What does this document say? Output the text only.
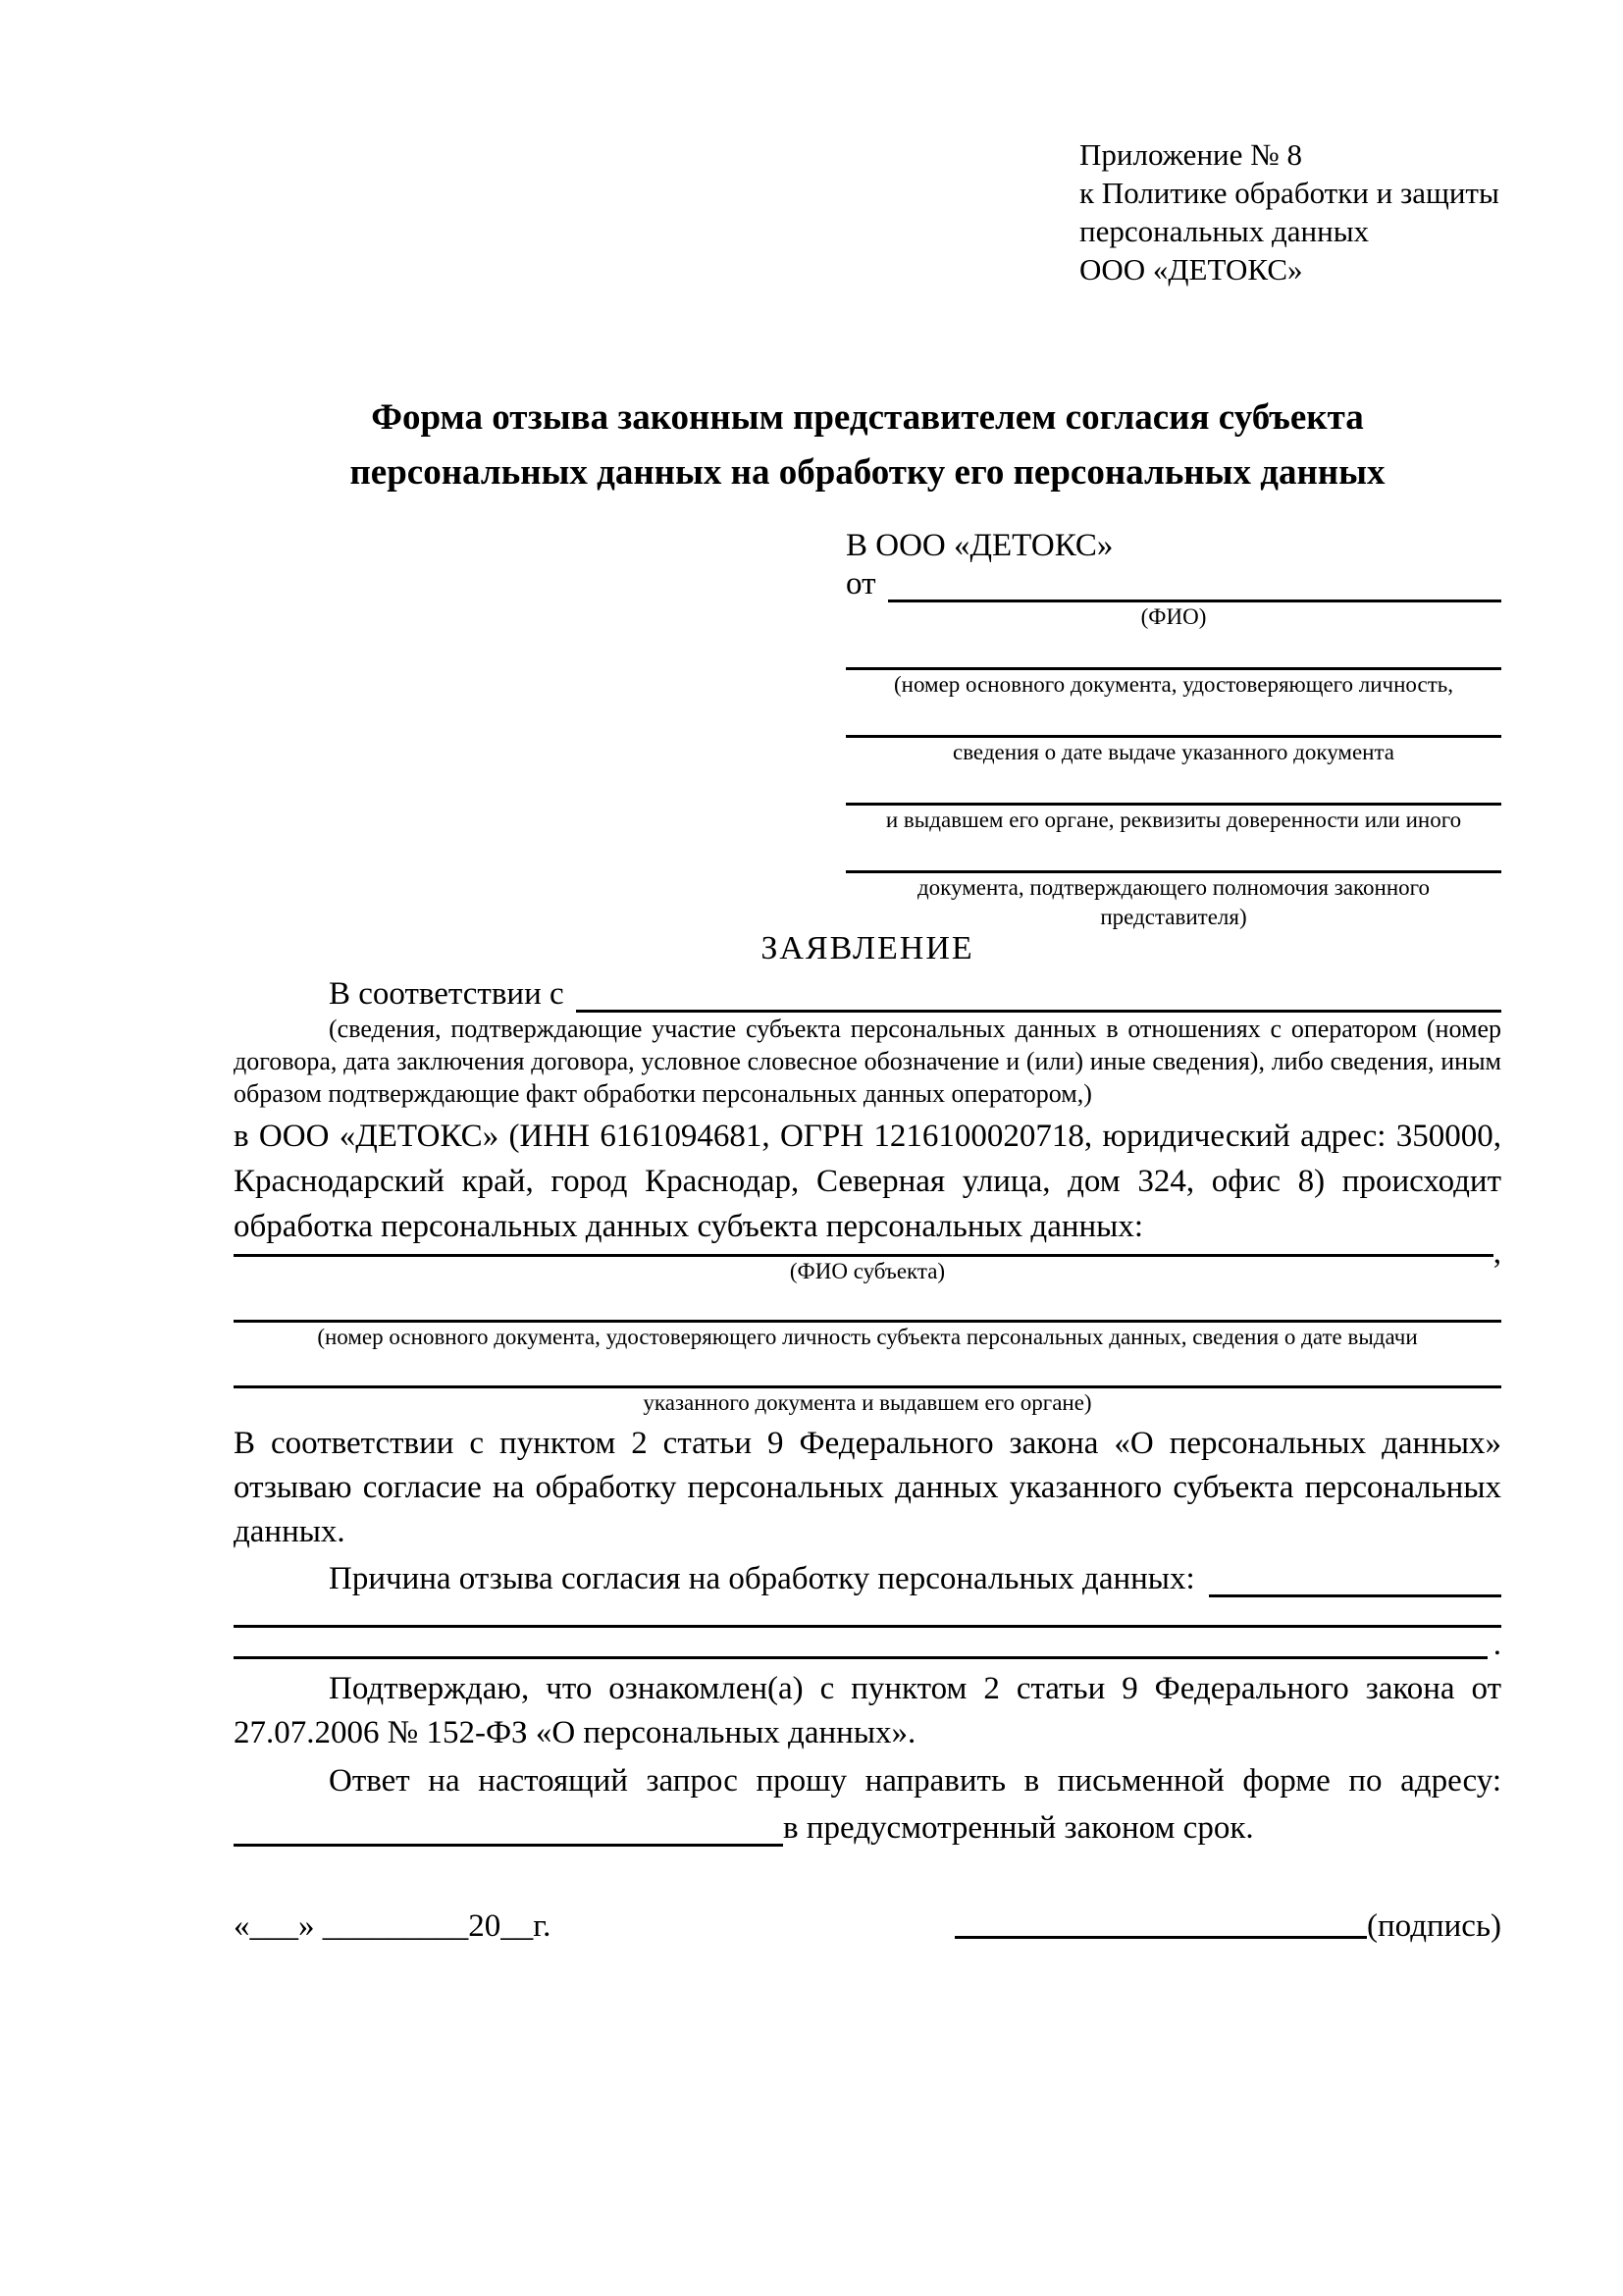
Приложение № 8
к Политике обработки и защиты
персональных данных
ООО «ДЕТОКС»
Форма отзыва законным представителем согласия субъекта персональных данных на обработку его персональных данных
В ООО «ДЕТОКС»
от
(ФИО)
(номер основного документа, удостоверяющего личность,
сведения о дате выдаче указанного документа
и выдавшем его органе, реквизиты доверенности или иного
документа, подтверждающего полномочия законного представителя)
ЗАЯВЛЕНИЕ
В соответствии с
(сведения, подтверждающие участие субъекта персональных данных в отношениях с оператором (номер договора, дата заключения договора, условное словесное обозначение и (или) иные сведения), либо сведения, иным образом подтверждающие факт обработки персональных данных оператором,)

в ООО «ДЕТОКС» (ИНН 6161094681, ОГРН 1216100020718, юридический адрес: 350000, Краснодарский край, город Краснодар, Северная улица, дом 324, офис 8) происходит обработка персональных данных субъекта персональных данных:

,
(ФИО субъекта)
(номер основного документа, удостоверяющего личность субъекта персональных данных, сведения о дате выдачи
указанного документа и выдавшем его органе)

В соответствии с пунктом 2 статьи 9 Федерального закона «О персональных данных» отзываю согласие на обработку персональных данных указанного субъекта персональных данных.

Причина отзыва согласия на обработку персональных данных:
.

Подтверждаю, что ознакомлен(а) с пунктом 2 статьи 9 Федерального закона от 27.07.2006 № 152-ФЗ «О персональных данных».

Ответ на настоящий запрос прошу направить в письменной форме по адресу:

в предусмотренный законом срок.
«___» _________20__г.	(подпись)
